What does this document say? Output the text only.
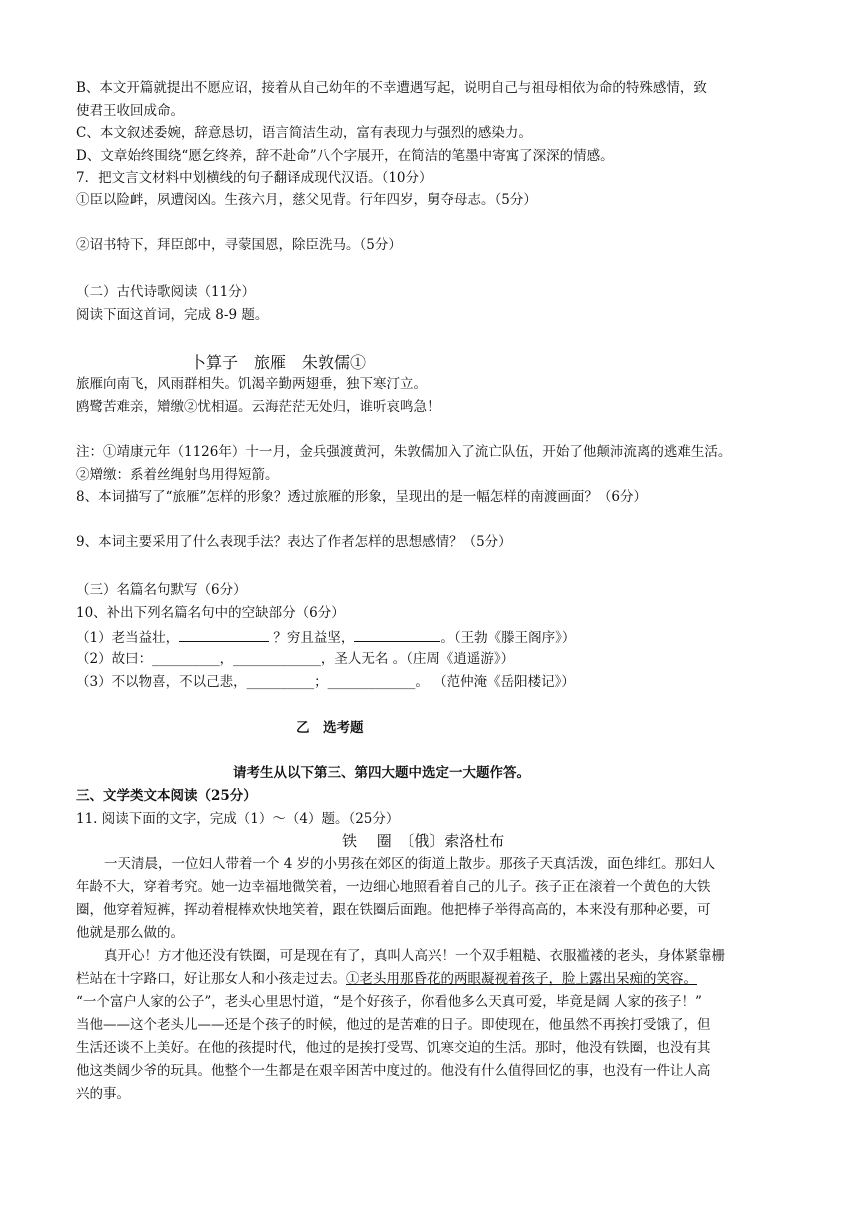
B、本文开篇就提出不愿应诏，接着从自己幼年的不幸遭遇写起，说明自己与祖母相依为命的特殊感情，致
使君王收回成命。
C、本文叙述委婉，辞意恳切，语言简洁生动，富有表现力与强烈的感染力。
D、文章始终围绕“愿乞终养，辞不赴命”八个字展开，在简洁的笔墨中寄寓了深深的情感。
7．把文言文材料中划横线的句子翻译成现代汉语。（10分）
①臣以险衅，夙遭闵凶。生孩六月，慈父见背。行年四岁，舅夺母志。（5分）
②诏书特下，拜臣郎中，寻蒙国恩，除臣洗马。（5分）
（二）古代诗歌阅读（11分）
阅读下面这首词，完成 8-9 题。
卜算子　旅雁　朱敦儒①
旅雁向南飞，风雨群相失。饥渴辛勤两翅垂，独下寒汀立。
鸥鹭苦难亲，矰缴②忧相逼。云海茫茫无处归，谁听哀鸣急！
注：①靖康元年（1126年）十一月，金兵强渡黄河，朱敦儒加入了流亡队伍，开始了他颠沛流离的逃难生活。
②矰缴：系着丝绳射鸟用得短箭。
8、本词描写了“旅雁”怎样的形象？透过旅雁的形象，呈现出的是一幅怎样的南渡画面？（6分）
9、本词主要采用了什么表现手法？表达了作者怎样的思想感情？（5分）
（三）名篇名句默写（6分）
10、补出下列名篇名句中的空缺部分（6分）
（1）老当益壮，	？穷且益坚，	。（王勃《滕王阁序》）
（2）故曰：__________，_____________，圣人无名 。（庄周《逍遥游》）
（3）不以物喜，不以己悲，__________；_____________。 （范仲淹《岳阳楼记》）
乙　选考题
请考生从以下第三、第四大题中选定一大题作答。
三、文学类文本阅读（25分）
11. 阅读下面的文字，完成（1）～（4）题。（25分）
铁　 圈　〔俄〕索洛杜布
一天清晨，一位妇人带着一个 4 岁的小男孩在郊区的街道上散步。那孩子天真活泼，面色绯红。那妇人
年龄不大，穿着考究。她一边幸福地微笑着，一边细心地照看着自己的儿子。孩子正在滚着一个黄色的大铁
圈，他穿着短裤，挥动着棍棒欢快地笑着，跟在铁圈后面跑。他把棒子举得高高的，本来没有那种必要，可
他就是那么做的。
真开心！方才他还没有铁圈，可是现在有了，真叫人高兴！一个双手粗糙、衣服褴褛的老头，身体紧靠栅
栏站在十字路口，好让那女人和小孩走过去。①老头用那昏花的两眼凝视着孩子，脸上露出呆痴的笑容。
“一个富户人家的公子”，老头心里思忖道，“是个好孩子，你看他多么天真可爱，毕竟是阔 人家的孩子！”
当他——这个老头儿——还是个孩子的时候，他过的是苦难的日子。即使现在，他虽然不再挨打受饿了，但
生活还谈不上美好。在他的孩提时代，他过的是挨打受骂、饥寒交迫的生活。那时，他没有铁圈，也没有其
他这类阔少爷的玩具。他整个一生都是在艰辛困苦中度过的。他没有什么值得回忆的事，也没有一件让人高
兴的事。
